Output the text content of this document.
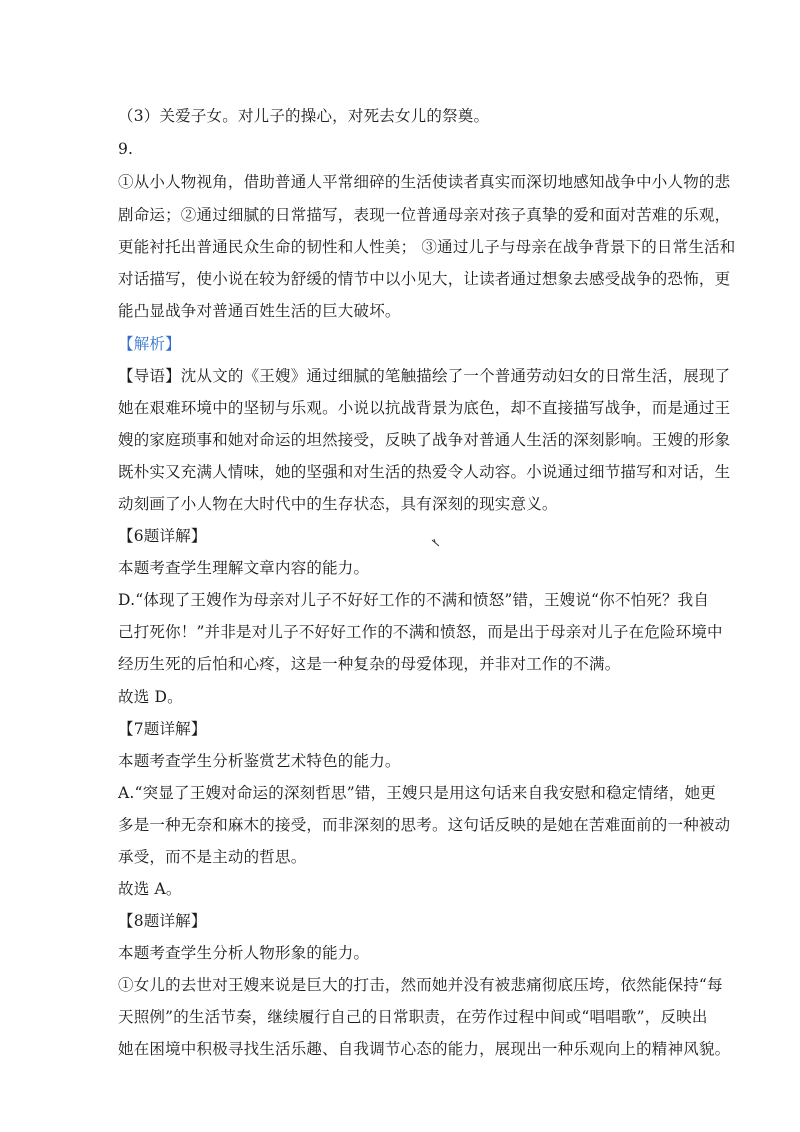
（3）关爱子女。对儿子的操心，对死去女儿的祭奠。
9.
①从小人物视角，借助普通人平常细碎的生活使读者真实而深切地感知战争中小人物的悲
剧命运；②通过细腻的日常描写，表现一位普通母亲对孩子真挚的爱和面对苦难的乐观，
更能衬托出普通民众生命的韧性和人性美； ③通过儿子与母亲在战争背景下的日常生活和
对话描写，使小说在较为舒缓的情节中以小见大，让读者通过想象去感受战争的恐怖，更
能凸显战争对普通百姓生活的巨大破坏。
【解析】
【导语】沈从文的《王嫂》通过细腻的笔触描绘了一个普通劳动妇女的日常生活，展现了
她在艰难环境中的坚韧与乐观。小说以抗战背景为底色，却不直接描写战争，而是通过王
嫂的家庭琐事和她对命运的坦然接受，反映了战争对普通人生活的深刻影响。王嫂的形象
既朴实又充满人情味，她的坚强和对生活的热爱令人动容。小说通过细节描写和对话，生
动刻画了小人物在大时代中的生存状态，具有深刻的现实意义。
【6题详解】
本题考查学生理解文章内容的能力。
D.“体现了王嫂作为母亲对儿子不好好工作的不满和愤怒”错，王嫂说“你不怕死？我自
己打死你！”并非是对儿子不好好工作的不满和愤怒，而是出于母亲对儿子在危险环境中
经历生死的后怕和心疼，这是一种复杂的母爱体现，并非对工作的不满。
故选 D。
【7题详解】
本题考查学生分析鉴赏艺术特色的能力。
A.“突显了王嫂对命运的深刻哲思”错，王嫂只是用这句话来自我安慰和稳定情绪，她更
多是一种无奈和麻木的接受，而非深刻的思考。这句话反映的是她在苦难面前的一种被动
承受，而不是主动的哲思。
故选 A。
【8题详解】
本题考查学生分析人物形象的能力。
①女儿的去世对王嫂来说是巨大的打击，然而她并没有被悲痛彻底压垮，依然能保持“每
天照例”的生活节奏，继续履行自己的日常职责，在劳作过程中间或“唱唱歌”，反映出
她在困境中积极寻找生活乐趣、自我调节心态的能力，展现出一种乐观向上的精神风貌。
